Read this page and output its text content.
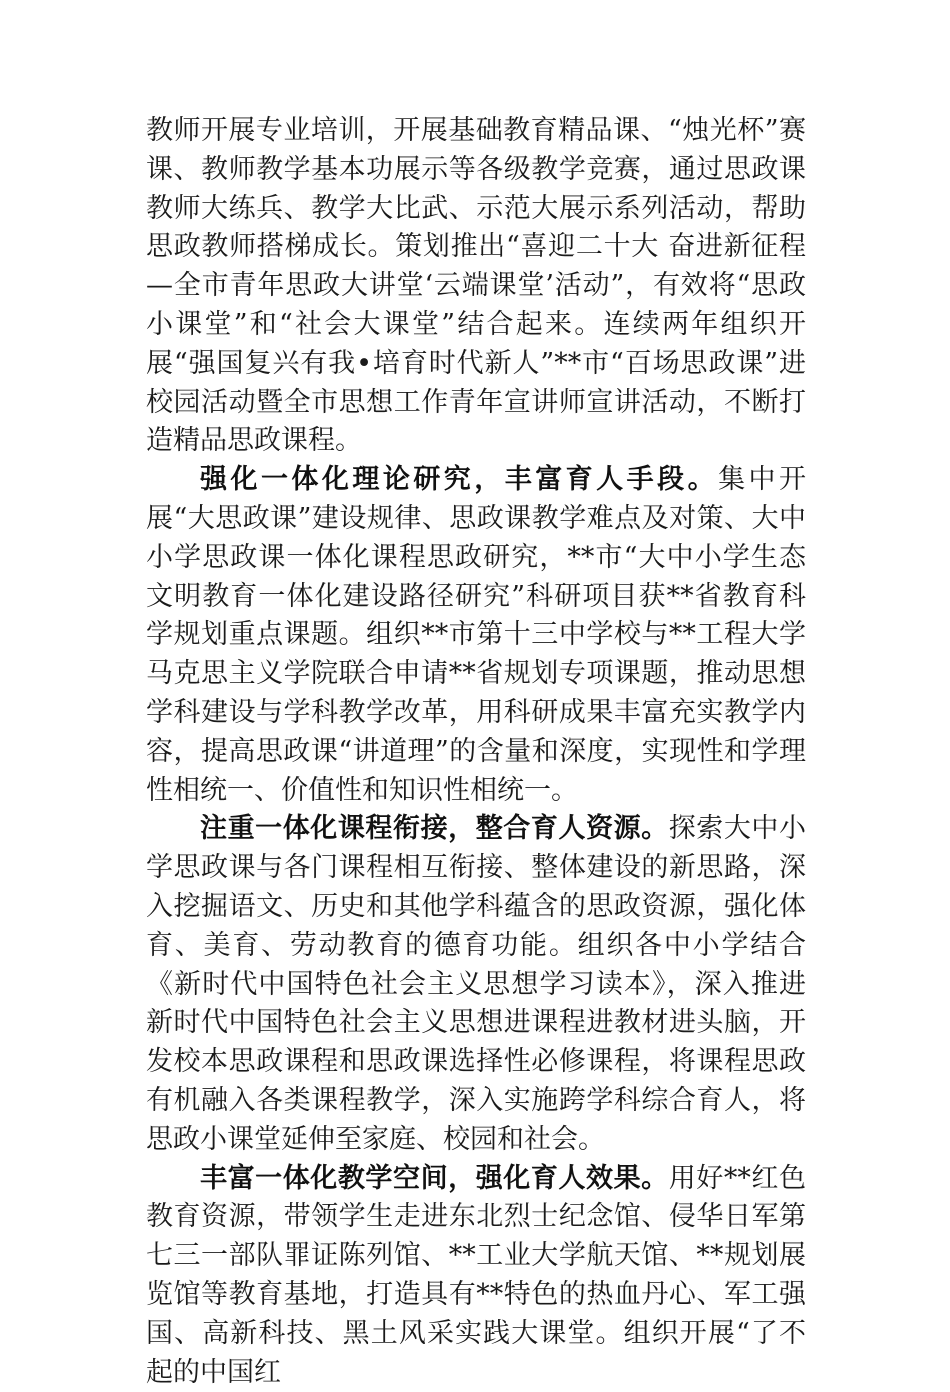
教师开展专业培训，开展基础教育精品课、“烛光杯”赛课、教师教学基本功展示等各级教学竞赛，通过思政课教师大练兵、教学大比武、示范大展示系列活动，帮助思政教师搭梯成长。策划推出“喜迎二十大 奋进新征程—全市青年思政大讲堂‘云端课堂’活动”，有效将“思政小课堂”和“社会大课堂”结合起来。连续两年组织开展“强国复兴有我•培育时代新人”**市“百场思政课”进校园活动暨全市思想工作青年宣讲师宣讲活动，不断打造精品思政课程。

强化一体化理论研究，丰富育人手段。集中开展“大思政课”建设规律、思政课教学难点及对策、大中小学思政课一体化课程思政研究，**市“大中小学生态文明教育一体化建设路径研究”科研项目获**省教育科学规划重点课题。组织**市第十三中学校与**工程大学马克思主义学院联合申请**省规划专项课题，推动思想学科建设与学科教学改革，用科研成果丰富充实教学内容，提高思政课“讲道理”的含量和深度，实现性和学理性相统一、价值性和知识性相统一。

注重一体化课程衔接，整合育人资源。探索大中小学思政课与各门课程相互衔接、整体建设的新思路，深入挖掘语文、历史和其他学科蕴含的思政资源，强化体育、美育、劳动教育的德育功能。组织各中小学结合《新时代中国特色社会主义思想学习读本》，深入推进新时代中国特色社会主义思想进课程进教材进头脑，开发校本思政课程和思政课选择性必修课程，将课程思政有机融入各类课程教学，深入实施跨学科综合育人，将思政小课堂延伸至家庭、校园和社会。

丰富一体化教学空间，强化育人效果。用好**红色教育资源，带领学生走进东北烈士纪念馆、侵华日军第七三一部队罪证陈列馆、**工业大学航天馆、**规划展览馆等教育基地，打造具有**特色的热血丹心、军工强国、高新科技、黑土风采实践大课堂。组织开展“了不起的中国红
